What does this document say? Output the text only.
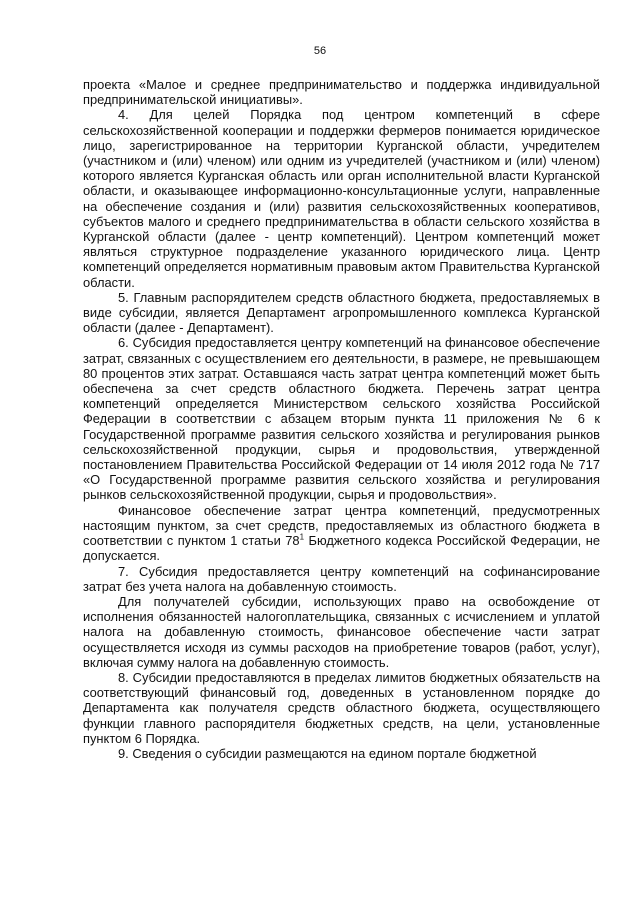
56

проекта «Малое и среднее предпринимательство и поддержка индивидуальной предпринимательской инициативы».

4. Для целей Порядка под центром компетенций в сфере сельскохозяйственной кооперации и поддержки фермеров понимается юридическое лицо, зарегистрированное на территории Курганской области, учредителем (участником и (или) членом) или одним из учредителей (участником и (или) членом) которого является Курганская область или орган исполнительной власти Курганской области, и оказывающее информационно-консультационные услуги, направленные на обеспечение создания и (или) развития сельскохозяйственных кооперативов, субъектов малого и среднего предпринимательства в области сельского хозяйства в Курганской области (далее - центр компетенций). Центром компетенций может являться структурное подразделение указанного юридического лица. Центр компетенций определяется нормативным правовым актом Правительства Курганской области.

5. Главным распорядителем средств областного бюджета, предоставляемых в виде субсидии, является Департамент агропромышленного комплекса Курганской области (далее - Департамент).

6. Субсидия предоставляется центру компетенций на финансовое обеспечение затрат, связанных с осуществлением его деятельности, в размере, не превышающем 80 процентов этих затрат. Оставшаяся часть затрат центра компетенций может быть обеспечена за счет средств областного бюджета. Перечень затрат центра компетенций определяется Министерством сельского хозяйства Российской Федерации в соответствии с абзацем вторым пункта 11 приложения № 6 к Государственной программе развития сельского хозяйства и регулирования рынков сельскохозяйственной продукции, сырья и продовольствия, утвержденной постановлением Правительства Российской Федерации от 14 июля 2012 года № 717 «О Государственной программе развития сельского хозяйства и регулирования рынков сельскохозяйственной продукции, сырья и продовольствия».

Финансовое обеспечение затрат центра компетенций, предусмотренных настоящим пунктом, за счет средств, предоставляемых из областного бюджета в соответствии с пунктом 1 статьи $78^1$ Бюджетного кодекса Российской Федерации, не допускается.

7. Субсидия предоставляется центру компетенций на софинансирование затрат без учета налога на добавленную стоимость.

Для получателей субсидии, использующих право на освобождение от исполнения обязанностей налогоплательщика, связанных с исчислением и уплатой налога на добавленную стоимость, финансовое обеспечение части затрат осуществляется исходя из суммы расходов на приобретение товаров (работ, услуг), включая сумму налога на добавленную стоимость.

8. Субсидии предоставляются в пределах лимитов бюджетных обязательств на соответствующий финансовый год, доведенных в установленном порядке до Департамента как получателя средств областного бюджета, осуществляющего функции главного распорядителя бюджетных средств, на цели, установленные пунктом 6 Порядка.

9. Сведения о субсидии размещаются на едином портале бюджетной
